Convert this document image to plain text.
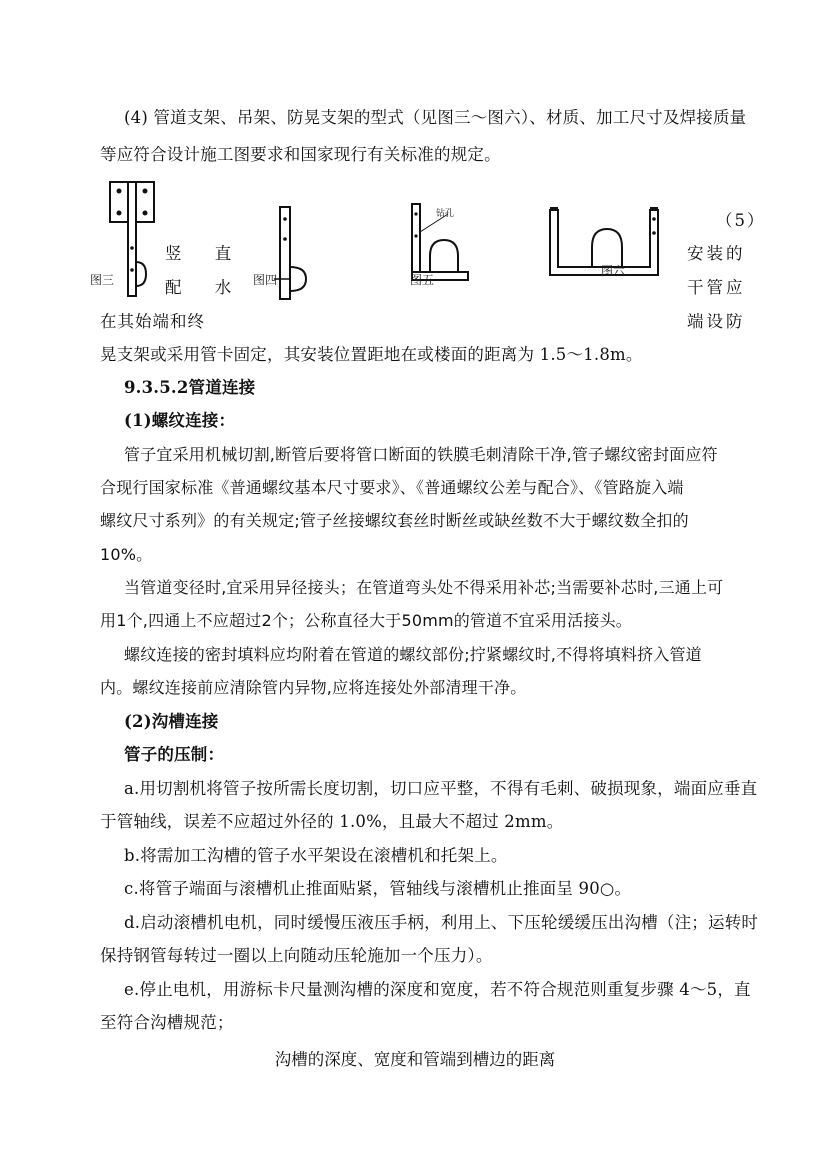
(4) 管道支架、吊架、防晃支架的型式（见图三～图六）、材质、加工尺寸及焊接质量
等应符合设计施工图要求和国家现行有关标准的规定。
图三
竖 直
配 水 图四
钻孔
图五
图六
（5）
安装的
干管应
在其始端和终	端设防
晃支架或采用管卡固定，其安装位置距地在或楼面的距离为 1.5～1.8m。
9.3.5.2管道连接
(1)螺纹连接：
管子宜采用机械切割,断管后要将管口断面的铁膜毛刺清除干净,管子螺纹密封面应符
合现行国家标准《普通螺纹基本尺寸要求》、《普通螺纹公差与配合》、《管路旋入端
螺纹尺寸系列》的有关规定;管子丝接螺纹套丝时断丝或缺丝数不大于螺纹数全扣的
10%。
当管道变径时,宜采用异径接头；在管道弯头处不得采用补芯;当需要补芯时,三通上可
用1个,四通上不应超过2个；公称直径大于50mm的管道不宜采用活接头。
螺纹连接的密封填料应均附着在管道的螺纹部份;拧紧螺纹时,不得将填料挤入管道
内。螺纹连接前应清除管内异物,应将连接处外部清理干净。
(2)沟槽连接
管子的压制：
a.用切割机将管子按所需长度切割，切口应平整，不得有毛刺、破损现象，端面应垂直
于管轴线，误差不应超过外径的 1.0%，且最大不超过 2mm。
b.将需加工沟槽的管子水平架设在滚槽机和托架上。
c.将管子端面与滚槽机止推面贴紧，管轴线与滚槽机止推面呈 90○。
d.启动滚槽机电机，同时缓慢压液压手柄，利用上、下压轮缓缓压出沟槽（注；运转时
保持钢管每转过一圈以上向随动压轮施加一个压力）。
e.停止电机，用游标卡尺量测沟槽的深度和宽度，若不符合规范则重复步骤 4～5，直
至符合沟槽规范；
沟槽的深度、宽度和管端到槽边的距离
